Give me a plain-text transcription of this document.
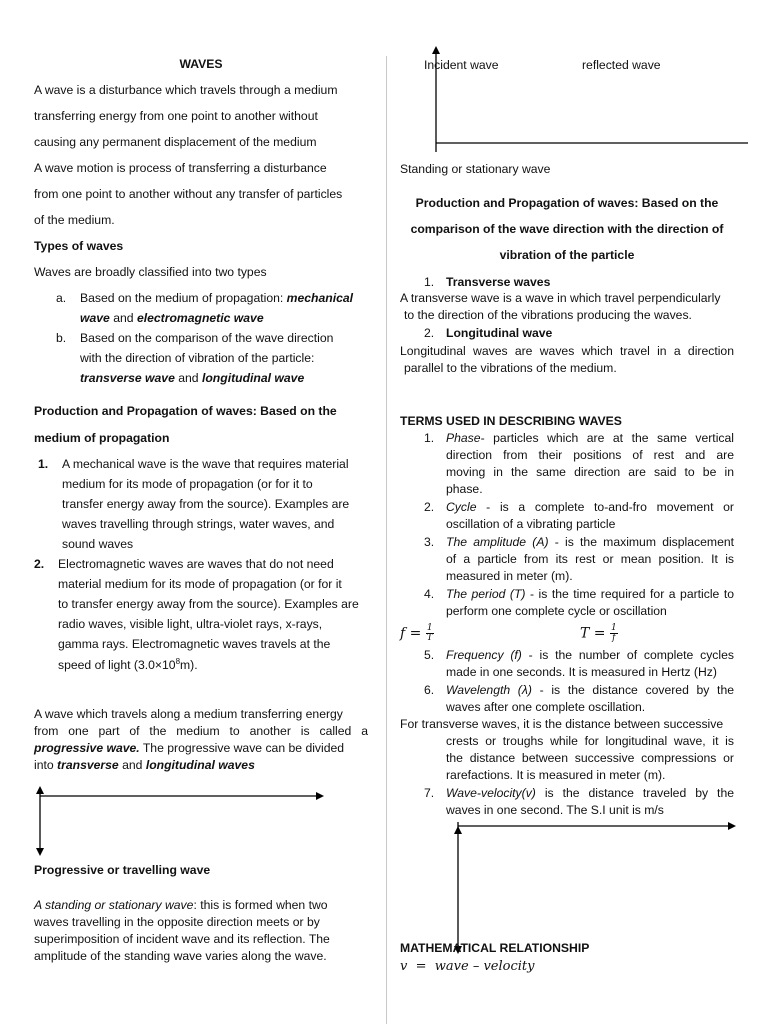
WAVES
A wave is a disturbance which travels through a medium
transferring energy from one point to another without
causing any permanent displacement of the medium
A wave motion is process of transferring a disturbance
from one point to another without any transfer of particles
of the medium.
Types of waves
Waves are broadly classified into two types
a. Based on the medium of propagation: mechanical
wave and electromagnetic wave
b. Based on the comparison of the wave direction
with the direction of vibration of the particle:
transverse wave and longitudinal wave
Production and Propagation of waves: Based on the
medium of propagation
1. A mechanical wave is the wave that requires material
medium for its mode of propagation (or for it to
transfer energy away from the source). Examples are
waves travelling through strings, water waves, and
sound waves
2. Electromagnetic waves are waves that do not need
material medium for its mode of propagation (or for it
to transfer energy away from the source). Examples are
radio waves, visible light, ultra-violet rays, x-rays,
gamma rays. Electromagnetic waves travels at the
speed of light $(3.0\times 10^8m)$.
A wave which travels along a medium transferring energy
from one part of the medium to another is called a
progressive wave. The progressive wave can be divided
into transverse and longitudinal waves
Progressive or travelling wave
A standing or stationary wave: this is formed when two
waves travelling in the opposite direction meets or by
superimposition of incident wave and its reflection. The
amplitude of the standing wave varies along the wave.
Incident wave	reflected wave
Standing or stationary wave
Production and Propagation of waves: Based on the
comparison of the wave direction with the direction of
vibration of the particle
1. Transverse waves
A transverse wave is a wave in which travel perpendicularly
to the direction of the vibrations producing the waves.
2. Longitudinal wave
Longitudinal waves are waves which travel in a direction
parallel to the vibrations of the medium.
TERMS USED IN DESCRIBING WAVES
1. Phase- particles which are at the same vertical
direction from their positions of rest and are
moving in the same direction are said to be in
phase.
2. Cycle - is a complete to-and-fro movement or
oscillation of a vibrating particle
3. The amplitude (A) - is the maximum displacement
of a particle from its rest or mean position. It is
measured in meter (m).
4. The period (T) - is the time required for a particle to
perform one complete cycle or oscillation
$f = \frac{1}{T}$	$T = \frac{1}{f}$
5. Frequency (f) - is the number of complete cycles
made in one seconds. It is measured in Hertz (Hz)
6. Wavelength (λ) - is the distance covered by the
waves after one complete oscillation.
For transverse waves, it is the distance between successive
crests or troughs while for longitudinal wave, it is
the distance between successive compressions or
rarefactions. It is measured in meter (m).
7. Wave-velocity(v) is the distance traveled by the
waves in one second. The S.I unit is m/s
MATHEMATICAL RELATIONSHIP
v  =  wave – velocity
